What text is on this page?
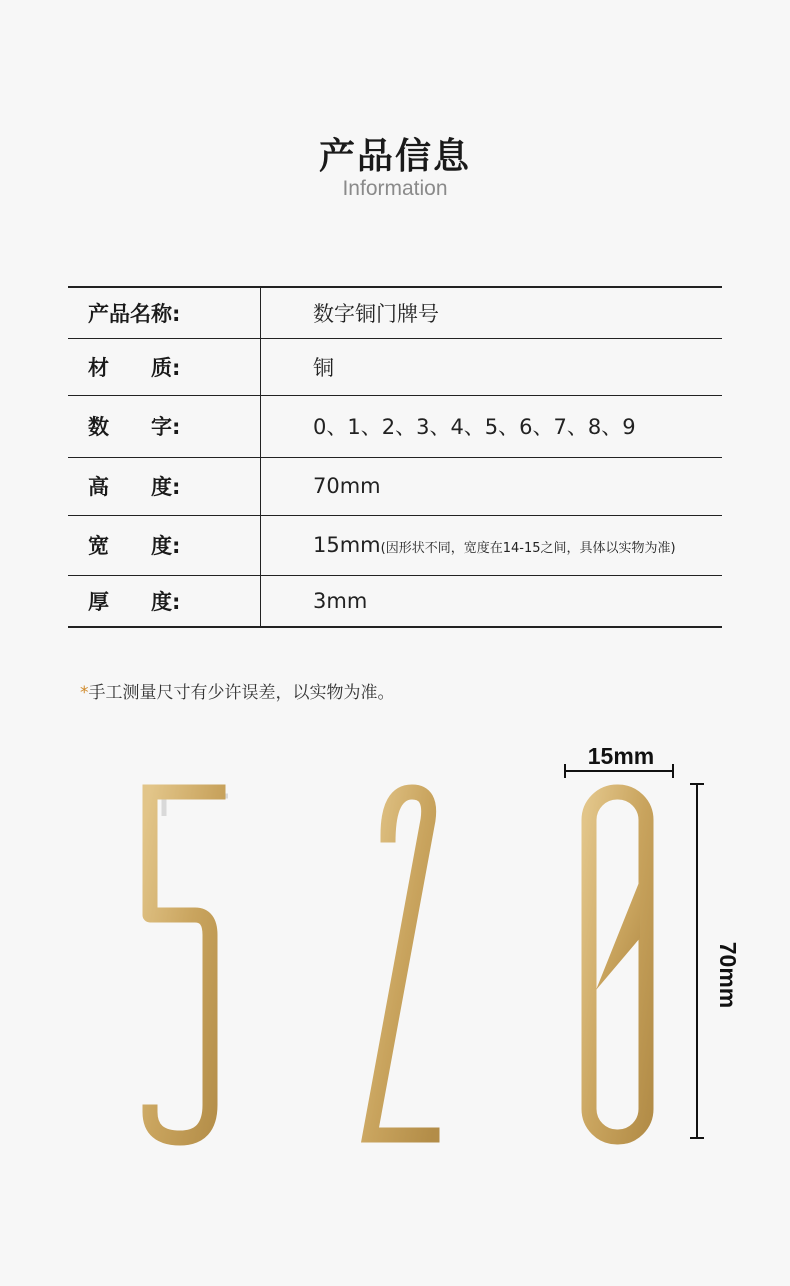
产品信息
Information
产品名称:	数字铜门牌号
材　　质:	铜
数　　字:	0、1、2、3、4、5、6、7、8、9
高　　度:	70mm
宽　　度:	15mm(因形状不同，宽度在14-15之间，具体以实物为准)
厚　　度:	3mm
*手工测量尺寸有少许误差，以实物为准。
15mm
70mm
